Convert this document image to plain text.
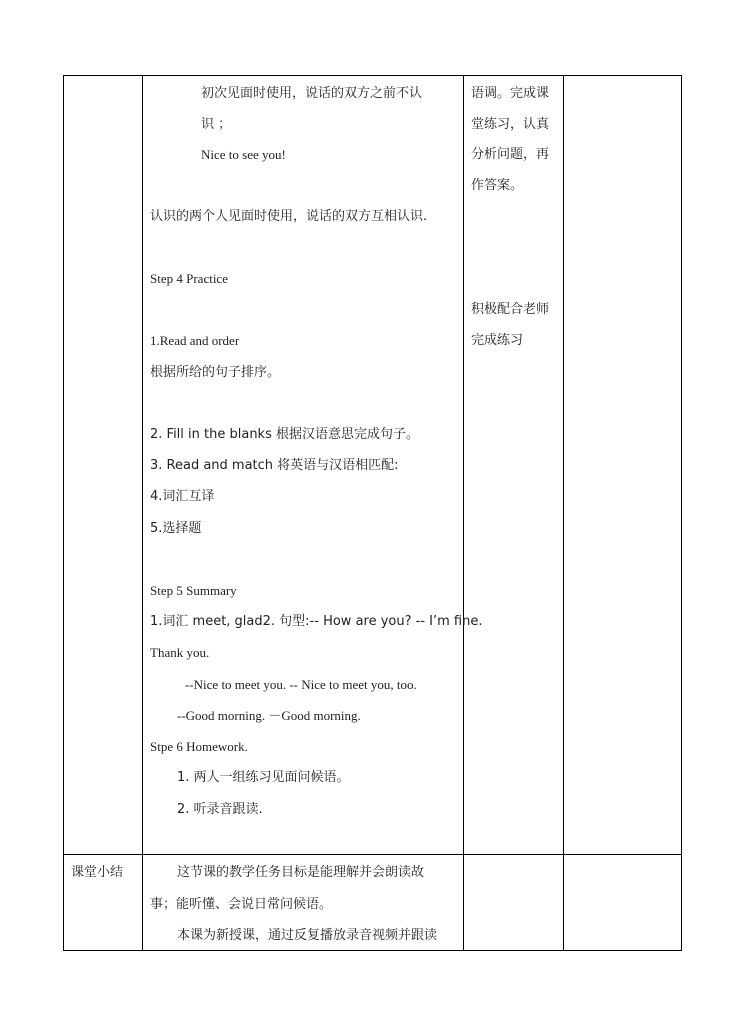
初次见面时使用，说话的双方之前不认
识 ；
Nice to see you!
认识的两个人见面时使用，说话的双方互相认识.
Step 4 Practice
1.Read and order
根据所给的句子排序。
2. Fill in the blanks 根据汉语意思完成句子。
3. Read and match 将英语与汉语相匹配:
4.词汇互译
5.选择题
Step 5 Summary
1.词汇 meet, glad2. 句型:-- How are you? -- I’m fine.
Thank you.
--Nice to meet you. -- Nice to meet you, too.
--Good morning. －Good morning.
Stpe 6 Homework.
1. 两人一组练习见面问候语。
2. 听录音跟读.
语调。完成课
堂练习，认真
分析问题，再
作答案。
积极配合老师
完成练习
课堂小结	这节课的教学任务目标是能理解并会朗读故
事；能听懂、会说日常问候语。
本课为新授课，通过反复播放录音视频并跟读
